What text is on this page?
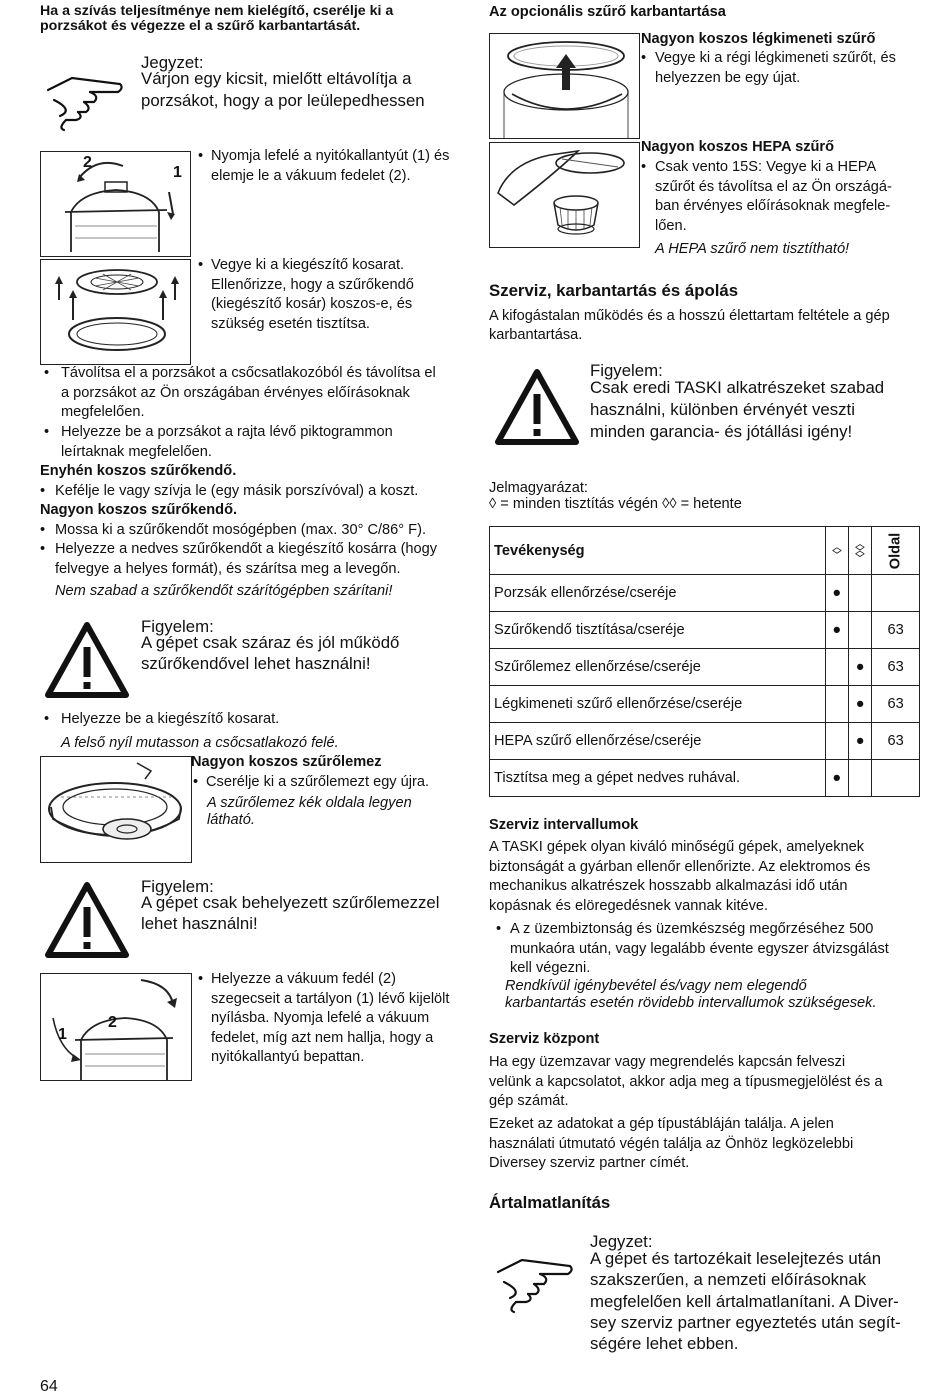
Ha a szívás teljesítménye nem kielégítő, cserélje ki a porzsákot és végezze el a szűrő karbantartását.
Jegyzet:
Várjon egy kicsit, mielőtt eltávolítja a
porzsákot, hogy a por leülepedhessen
2
1
• Nyomja lefelé a nyitókallantyút (1) és
elemje le a vákuum fedelet (2).
• Vegye ki a kiegészítő kosarat.
Ellenőrizze, hogy a szűrőkendő
(kiegészítő kosár) koszos-e, és
szükség esetén tisztítsa.
• Távolítsa el a porzsákot a csőcsatlakozóból és távolítsa el
a porzsákot az Ön országában érvényes előírásoknak
megfelelően.
• Helyezze be a porzsákot a rajta lévő piktogrammon
leírtaknak megfelelően.
Enyhén koszos szűrőkendő.
• Kefélje le vagy szívja le (egy másik porszívóval) a koszt.
Nagyon koszos szűrőkendő.
• Mossa ki a szűrőkendőt mosógépben (max. 30° C/86° F).
• Helyezze a nedves szűrőkendőt a kiegészítő kosárra (hogy
felvegye a helyes formát), és szárítsa meg a levegőn.
Nem szabad a szűrőkendőt szárítógépben szárítani!
Figyelem:
A gépet csak száraz és jól működő
szűrőkendővel lehet használni!
• Helyezze be a kiegészítő kosarat.
A felső nyíl mutasson a csőcsatlakozó felé.
Nagyon koszos szűrőlemez
• Cserélje ki a szűrőlemezt egy újra.
A szűrőlemez kék oldala legyen
látható.
Figyelem:
A gépet csak behelyezett szűrőlemezzel
lehet használni!
1
2
• Helyezze a vákuum fedél (2)
szegecseit a tartályon (1) lévő kijelölt
nyílásba. Nyomja lefelé a vákuum
fedelet, míg azt nem hallja, hogy a
nyitókallantyú bepattan.
64
Az opcionális szűrő karbantartása
Nagyon koszos légkimeneti szűrő
• Vegye ki a régi légkimeneti szűrőt, és
helyezzen be egy újat.
Nagyon koszos HEPA szűrő
• Csak vento 15S: Vegye ki a HEPA
szűrőt és távolítsa el az Ön országá-
ban érvényes előírásoknak megfele-
lően.
A HEPA szűrő nem tisztítható!
Szerviz, karbantartás és ápolás
A kifogástalan működés és a hosszú élettartam feltétele a gép
karbantartása.
Figyelem:
Csak eredi TASKI alkatrészeket szabad
használni, különben érvényét veszti
minden garancia- és jótállási igény!
Jelmagyarázat:
◊ = minden tisztítás végén ◊◊ = hetente
Tevékenység	◊	◊◊	Oldal

Porzsák ellenőrzése/cseréje	●		
Szűrőkendő tisztítása/cseréje	●		63
Szűrőlemez ellenőrzése/cseréje		●	63
Légkimeneti szűrő ellenőrzése/cseréje		●	63
HEPA szűrő ellenőrzése/cseréje		●	63
Tisztítsa meg a gépet nedves ruhával.	●		
Szerviz intervallumok
A TASKI gépek olyan kiváló minőségű gépek, amelyeknek
biztonságát a gyárban ellenőr ellenőrizte. Az elektromos és
mechanikus alkatrészek hosszabb alkalmazási idő után
kopásnak és elöregedésnek vannak kitéve.
• A z üzembiztonság és üzemkészség megőrzéséhez 500
munkaóra után, vagy legalább évente egyszer átvizsgálást
kell végezni.
Rendkívül igénybevétel és/vagy nem elegendő
karbantartás esetén rövidebb intervallumok szükségesek.
Szerviz központ
Ha egy üzemzavar vagy megrendelés kapcsán felveszi
velünk a kapcsolatot, akkor adja meg a típusmegjelölést és a
gép számát.
Ezeket az adatokat a gép típustábláján találja. A jelen
használati útmutató végén találja az Önhöz legközelebbi
Diversey szerviz partner címét.
Ártalmatlanítás
Jegyzet:
A gépet és tartozékait leselejtezés után
szakszerűen, a nemzeti előírásoknak
megfelelően kell ártalmatlanítani. A Diver-
sey szerviz partner egyeztetés után segít-
ségére lehet ebben.
